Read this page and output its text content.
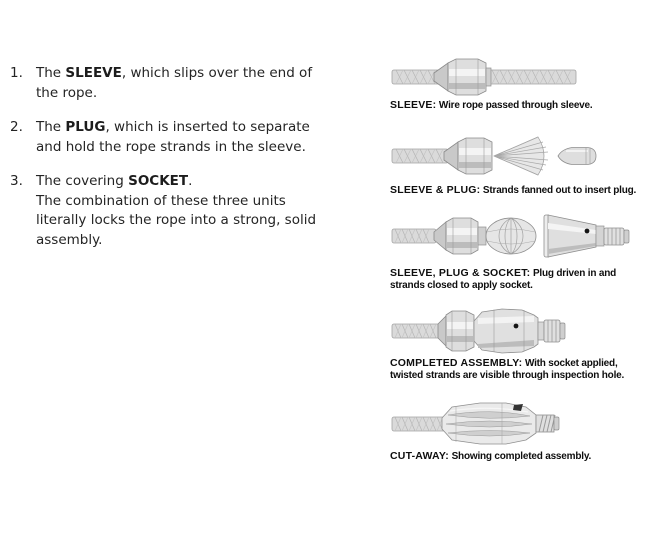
1. The SLEEVE, which slips over the end of the rope.
2. The PLUG, which is inserted to separate and hold the rope strands in the sleeve.
3. The covering SOCKET.
The combination of these three units literally locks the rope into a strong, solid assembly.
SLEEVE: Wire rope passed through sleeve.
SLEEVE & PLUG: Strands fanned out to insert plug.
SLEEVE, PLUG & SOCKET: Plug driven in and strands closed to apply socket.
COMPLETED ASSEMBLY: With socket applied, twisted strands are visible through inspection hole.
CUT-AWAY: Showing completed assembly.
